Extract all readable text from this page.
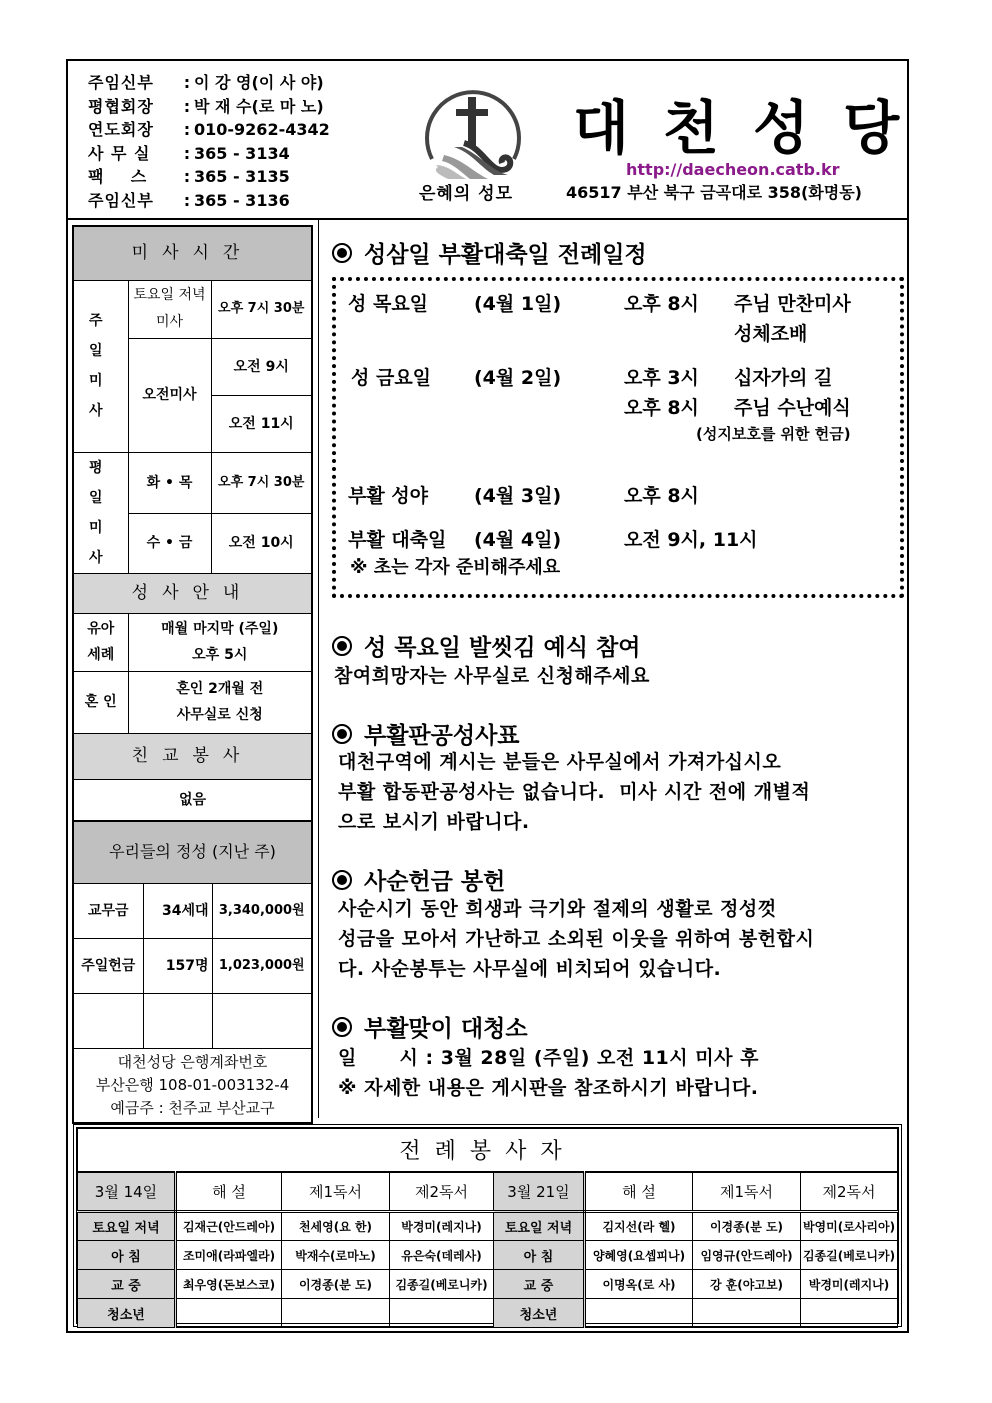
주임신부	: 이 강 영(이 사 야)
평협회장	: 박 재 수(로 마 노)
연도회장	: 010-9262-4342
사 무 실	: 365 - 3134
팩    스	: 365 - 3135
주임신부	: 365 - 3136	은혜의 성모
대천성당
http://daecheon.catb.kr
46517 부산 북구 금곡대로 358(화명동)
미사시간		
주 일 미 사	토요일 저녁미사	오후 7시 30분
	오전미사	오전 9시
		오전 11시
평 일 미 사	화 • 목	오후 7시 30분
	수 • 금	오전 10시
성사안내		
유아 세례	매월 마지막 (주일)
오후 5시	

혼 인	혼인 2개월 전
사무실로 신청	

친교봉사		
없음		
우리들의 정성 (지난 주)		
교무금	34세대	3,340,000원
주일헌금	157명	1,023,000원

대천성당 은행계좌번호
부산은행 108-01-003132-4
예금주 : 천주교 부산교구		
성삼일 부활대축일 전례일정
성 목요일 (4월 1일)	오후 8시 주님 만찬미사
성체조배
성 금요일 (4월 2일)	오후 3시 십자가의 길
오후 8시 주님 수난예식
(성지보호를 위한 헌금)
부활 성야 (4월 3일)	오후 8시
부활 대축일 (4월 4일)	오전 9시, 11시
※ 초는 각자 준비해주세요
성 목요일 발씻김 예식 참여
참여희망자는 사무실로 신청해주세요
부활판공성사표
대천구역에 계시는 분들은 사무실에서 가져가십시오
부활 합동판공성사는 없습니다.  미사 시간 전에 개별적
으로 보시기 바랍니다.
사순헌금 봉헌
사순시기 동안 희생과 극기와 절제의 생활로 정성껏
성금을 모아서 가난하고 소외된 이웃을 위하여 봉헌합시
다. 사순봉투는 사무실에 비치되어 있습니다.
부활맞이 대청소
일      시 : 3월 28일 (주일) 오전 11시 미사 후
※ 자세한 내용은 게시판을 참조하시기 바랍니다.
전례봉사자							
3월 14일	해 설	제1독서	제2독서	3월 21일	해 설	제1독서	제2독서
토요일 저녁	김재근(안드레아)	천세영(요 한)	박경미(레지나)	토요일 저녁	김지선(라 헬)	이경종(분 도)	박영미(로사리아)
아 침	조미애(라파엘라)	박재수(로마노)	유은숙(데레사)	아 침	양혜영(요셉피나)	임영규(안드레아)	김종길(베로니카)
교 중	최우영(돈보스코)	이경종(분 도)	김종길(베로니카)	교 중	이명옥(로 사)	강 훈(야고보)	박경미(레지나)
청소년				청소년			
